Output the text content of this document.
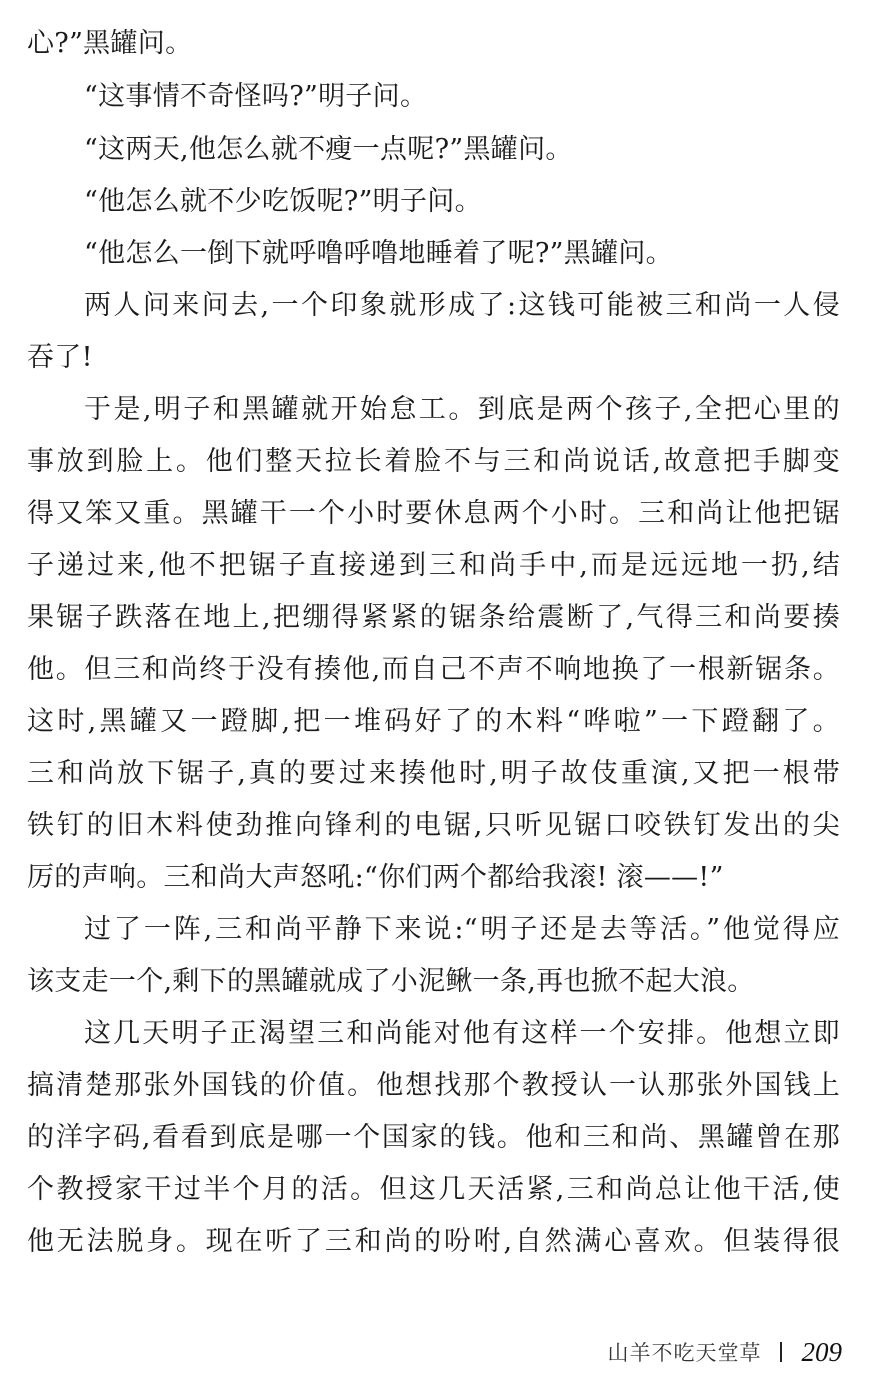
心?”黑罐问。
“这事情不奇怪吗?”明子问。
“这两天,他怎么就不瘦一点呢?”黑罐问。
“他怎么就不少吃饭呢?”明子问。
“他怎么一倒下就呼噜呼噜地睡着了呢?”黑罐问。
两人问来问去,一个印象就形成了:这钱可能被三和尚一人侵
吞了!
于是,明子和黑罐就开始怠工。到底是两个孩子,全把心里的
事放到脸上。他们整天拉长着脸不与三和尚说话,故意把手脚变
得又笨又重。黑罐干一个小时要休息两个小时。三和尚让他把锯
子递过来,他不把锯子直接递到三和尚手中,而是远远地一扔,结
果锯子跌落在地上,把绷得紧紧的锯条给震断了,气得三和尚要揍
他。但三和尚终于没有揍他,而自己不声不响地换了一根新锯条。
这时,黑罐又一蹬脚,把一堆码好了的木料“哗啦”一下蹬翻了。
三和尚放下锯子,真的要过来揍他时,明子故伎重演,又把一根带
铁钉的旧木料使劲推向锋利的电锯,只听见锯口咬铁钉发出的尖
厉的声响。三和尚大声怒吼:“你们两个都给我滚! 滚——!”
过了一阵,三和尚平静下来说:“明子还是去等活。”他觉得应
该支走一个,剩下的黑罐就成了小泥鳅一条,再也掀不起大浪。
这几天明子正渴望三和尚能对他有这样一个安排。他想立即
搞清楚那张外国钱的价值。他想找那个教授认一认那张外国钱上
的洋字码,看看到底是哪一个国家的钱。他和三和尚、黑罐曾在那
个教授家干过半个月的活。但这几天活紧,三和尚总让他干活,使
他无法脱身。现在听了三和尚的吩咐,自然满心喜欢。但装得很
山羊不吃天堂草 209
